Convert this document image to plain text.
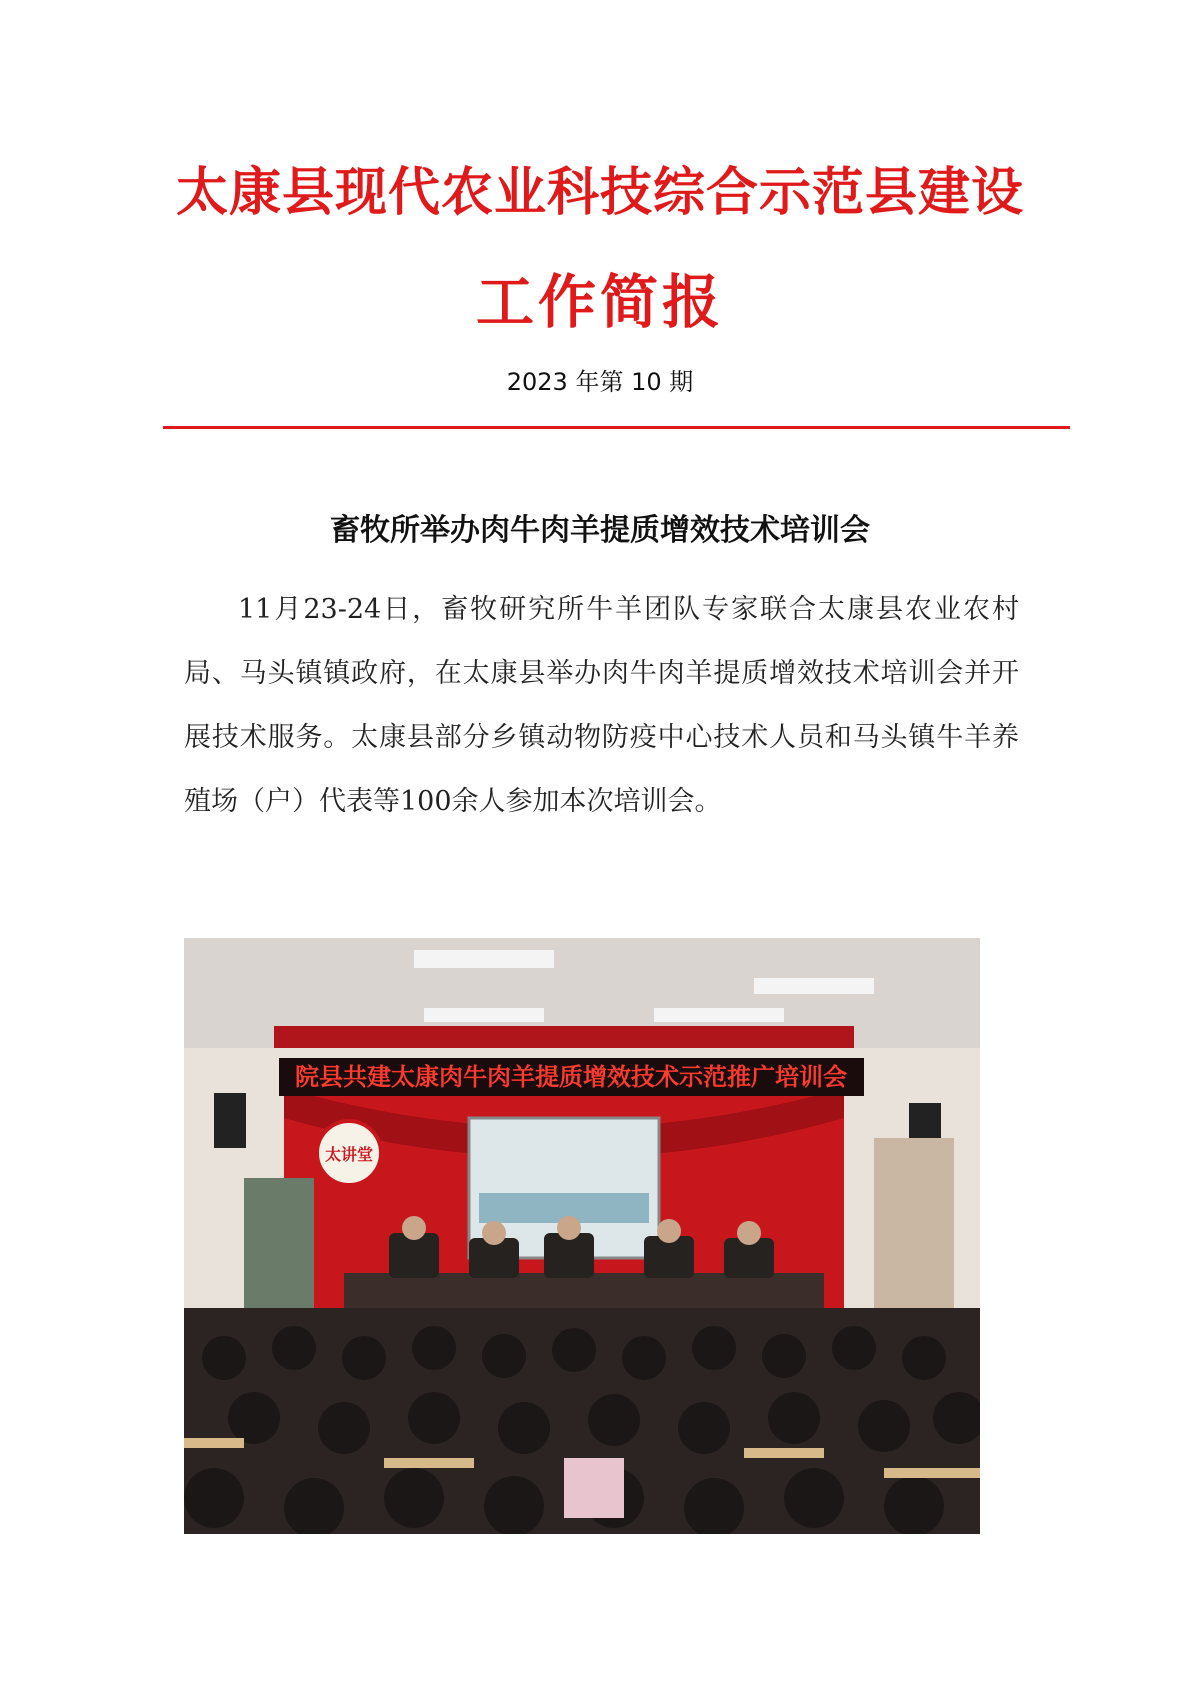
太康县现代农业科技综合示范县建设
工作简报
2023 年第 10 期
畜牧所举办肉牛肉羊提质增效技术培训会

11月23-24日，畜牧研究所牛羊团队专家联合太康县农业农村局、马头镇镇政府，在太康县举办肉牛肉羊提质增效技术培训会并开展技术服务。太康县部分乡镇动物防疫中心技术人员和马头镇牛羊养殖场（户）代表等100余人参加本次培训会。

院县共建太康肉牛肉羊提质增效技术示范推广培训会
太讲堂
